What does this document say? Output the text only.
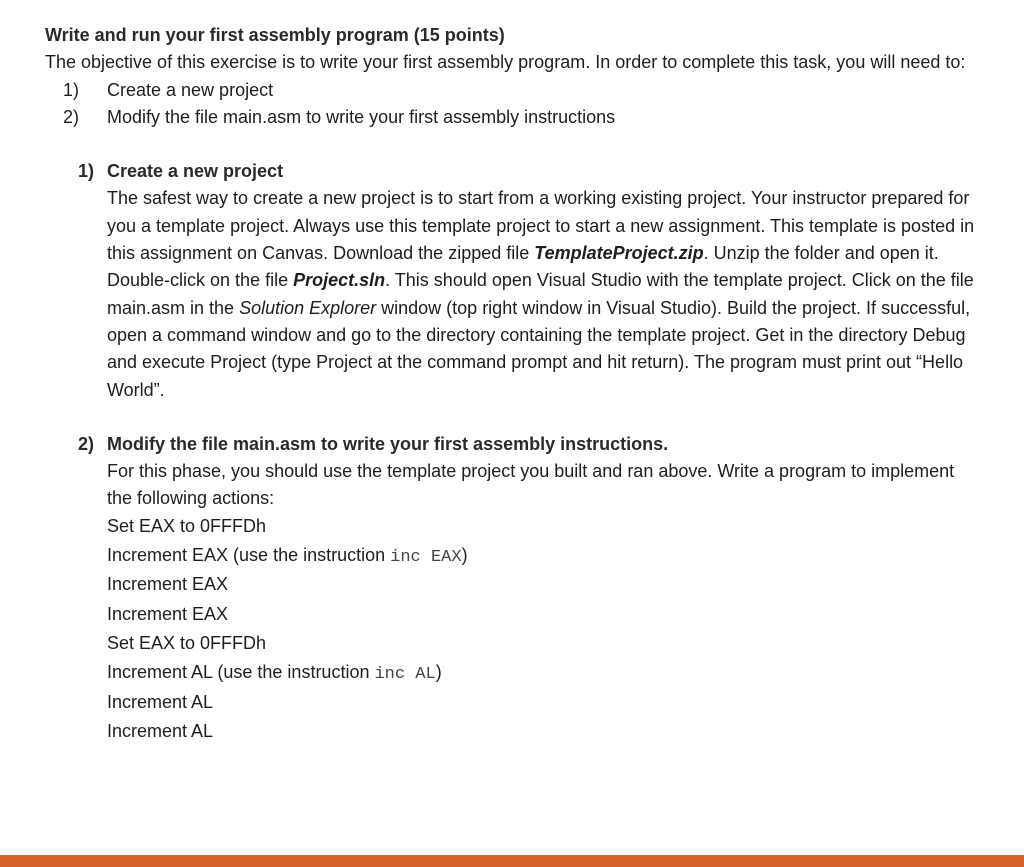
Write and run your first assembly program (15 points)

The objective of this exercise is to write your first assembly program. In order to complete this task, you will need to:

1)	Create a new project
2)	Modify the file main.asm to write your first assembly instructions
1) Create a new project
The safest way to create a new project is to start from a working existing project. Your instructor prepared for you a template project. Always use this template project to start a new assignment. This template is posted in this assignment on Canvas. Download the zipped file TemplateProject.zip. Unzip the folder and open it. Double-click on the file Project.sln. This should open Visual Studio with the template project. Click on the file main.asm in the Solution Explorer window (top right window in Visual Studio). Build the project. If successful, open a command window and go to the directory containing the template project. Get in the directory Debug and execute Project (type Project at the command prompt and hit return). The program must print out “Hello World”.
2) Modify the file main.asm to write your first assembly instructions.
For this phase, you should use the template project you built and ran above. Write a program to implement the following actions:
Set EAX to 0FFFDh
Increment EAX (use the instruction inc EAX)
Increment EAX
Increment EAX
Set EAX to 0FFFDh
Increment AL (use the instruction inc AL)
Increment AL
Increment AL
